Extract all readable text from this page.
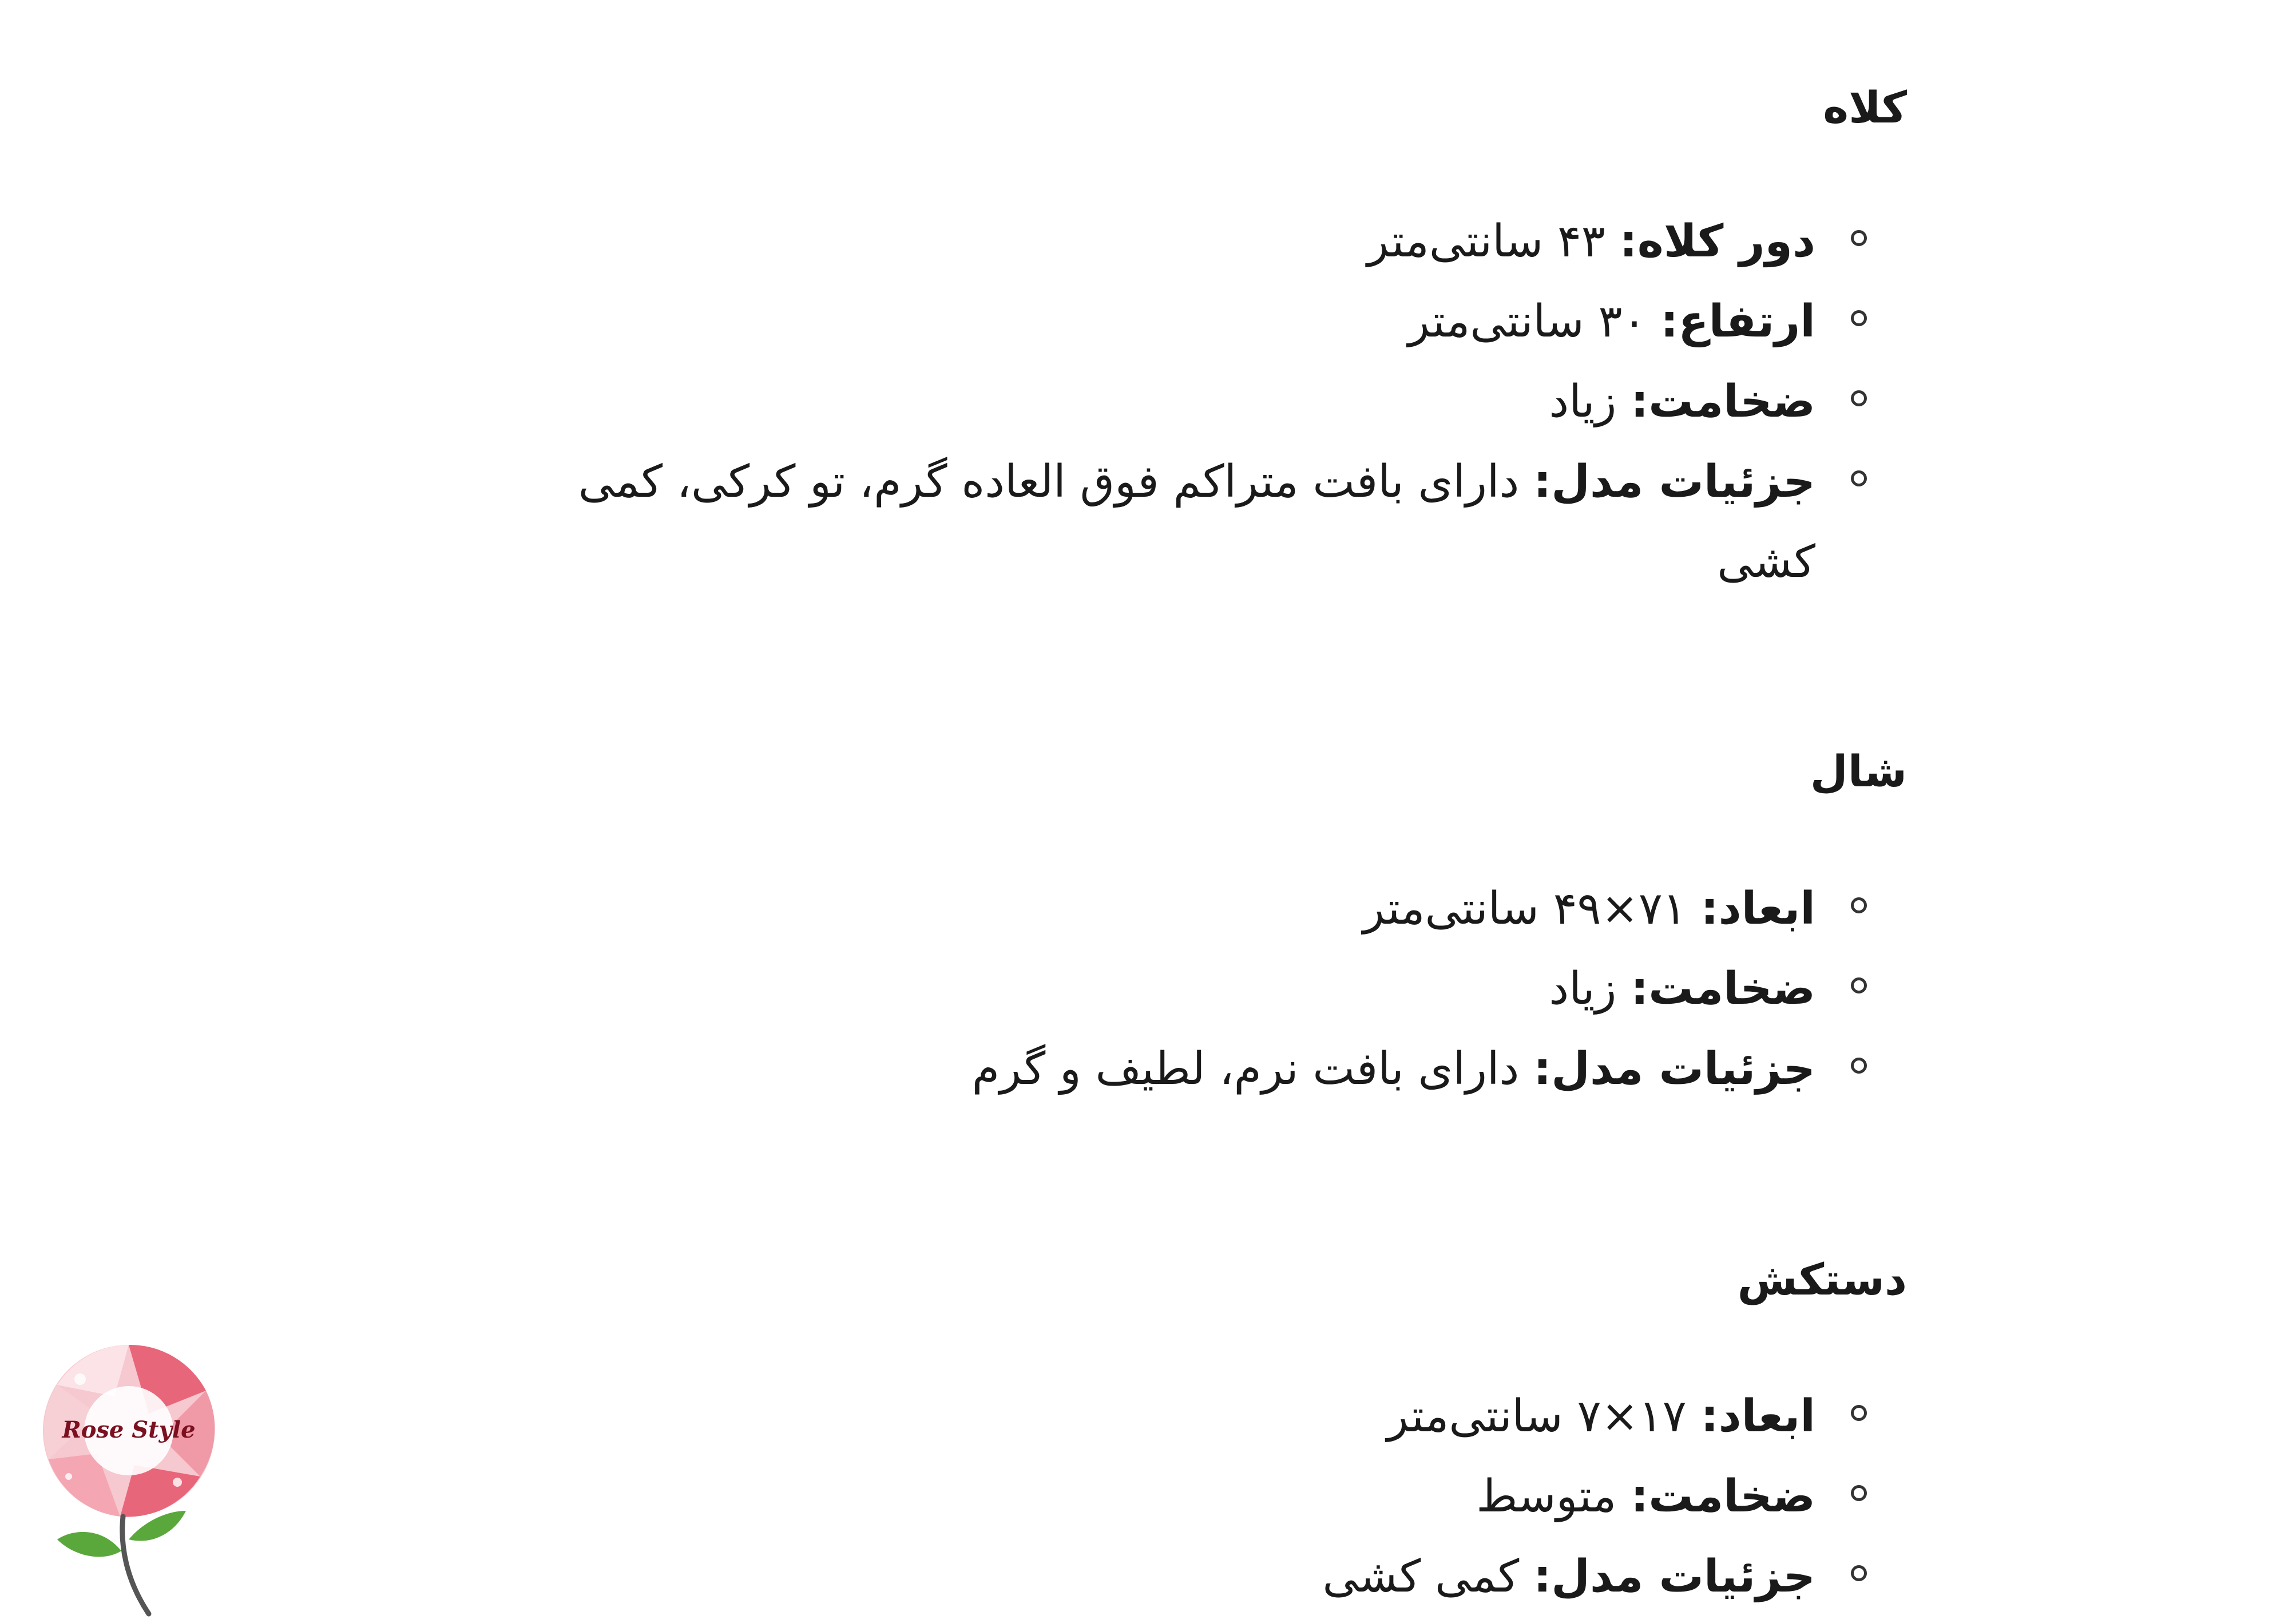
کلاه
دور کلاه: ۴۳ سانتی‌متر
ارتفاع: ۳۰ سانتی‌متر
ضخامت: زیاد
جزئیات مدل: دارای بافت متراکم فوق العاده گرم، تو کرکی، کمی کشی
شال
ابعاد: ۷۱×۴۹ سانتی‌متر
ضخامت: زیاد
جزئیات مدل: دارای بافت نرم، لطیف و گرم
دستکش
ابعاد: ۱۷×۷ سانتی‌متر
ضخامت: متوسط
جزئیات مدل: کمی کشی
Rose Style
